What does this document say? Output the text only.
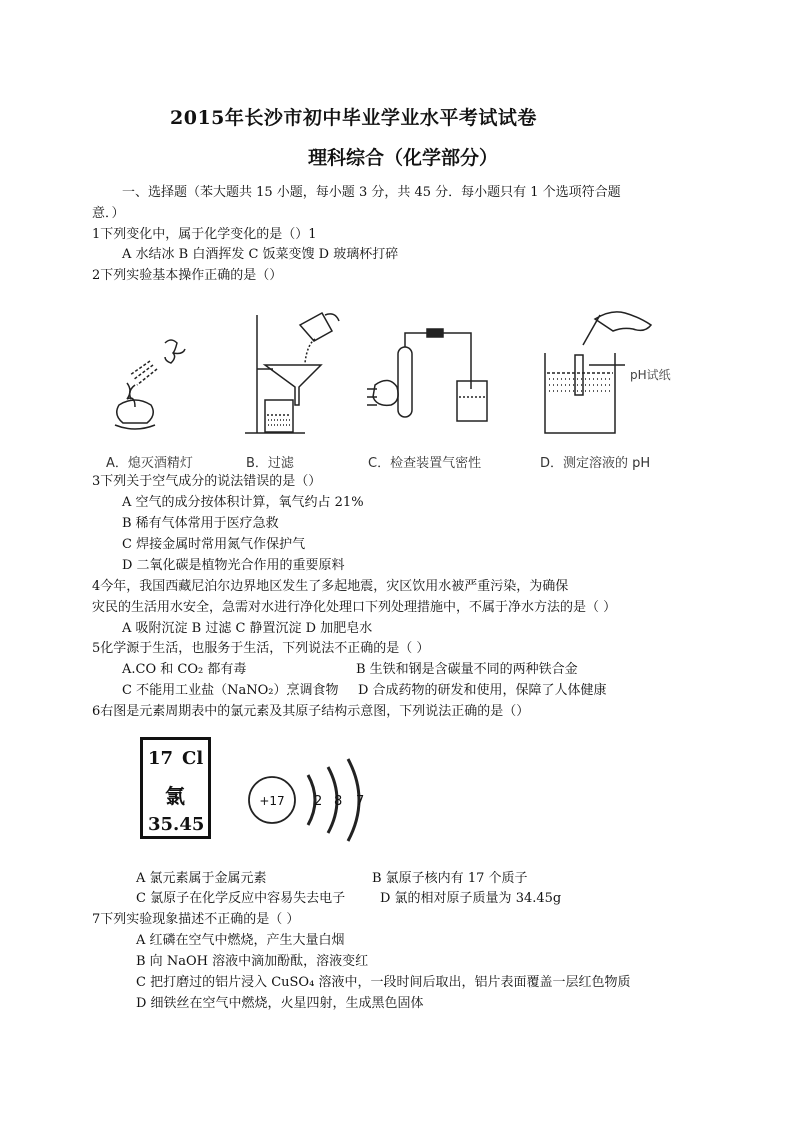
2015年长沙市初中毕业学业水平考试试卷
理科综合（化学部分）
一、选择题（苯大题共 15 小题，每小题 3 分，共 45 分．每小题只有 1 个选项符合题
意．）
1下列变化中，属于化学变化的是（）1
A 水结冰 B 白酒挥发 C 饭菜变馊 D 玻璃杯打碎
2下列实验基本操作正确的是（）
pH试纸
A．熄灭酒精灯	B．过滤	C．检查装置气密性	D．测定溶液的 pH
3下列关于空气成分的说法错误的是（）
A 空气的成分按体积计算，氧气约占 21%
B 稀有气体常用于医疗急救
C 焊接金属时常用氮气作保护气
D 二氧化碳是植物光合作用的重要原料
4今年，我国西藏尼泊尔边界地区发生了多起地震，灾区饮用水被严重污染，为确保
灾民的生活用水安全，急需对水进行净化处理口下列处理措施中，不属于净水方法的是（ ）
A 吸附沉淀 B 过滤 C 静置沉淀 D 加肥皂水
5化学源于生活，也服务于生活，下列说法不正确的是（ ）
A.CO 和 CO₂ 都有毒	B 生铁和钢是含碳量不同的两种铁合金
C 不能用工业盐（NaNO₂）烹调食物 D 合成药物的研发和使用，保障了人体健康
6右图是元素周期表中的氯元素及其原子结构示意图，下列说法正确的是（）
17 Cl
氯
35.45
+17 2 8 7
A 氯元素属于金属元素	B 氯原子核内有 17 个质子
C 氯原子在化学反应中容易失去电子	D 氯的相对原子质量为 34.45g
7下列实验现象描述不正确的是（ ）
A 红磷在空气中燃烧，产生大量白烟
B 向 NaOH 溶液中滴加酚酞，溶液变红
C 把打磨过的铝片浸入 CuSO₄ 溶液中，一段时间后取出，铝片表面覆盖一层红色物质
D 细铁丝在空气中燃烧，火星四射，生成黑色固体
